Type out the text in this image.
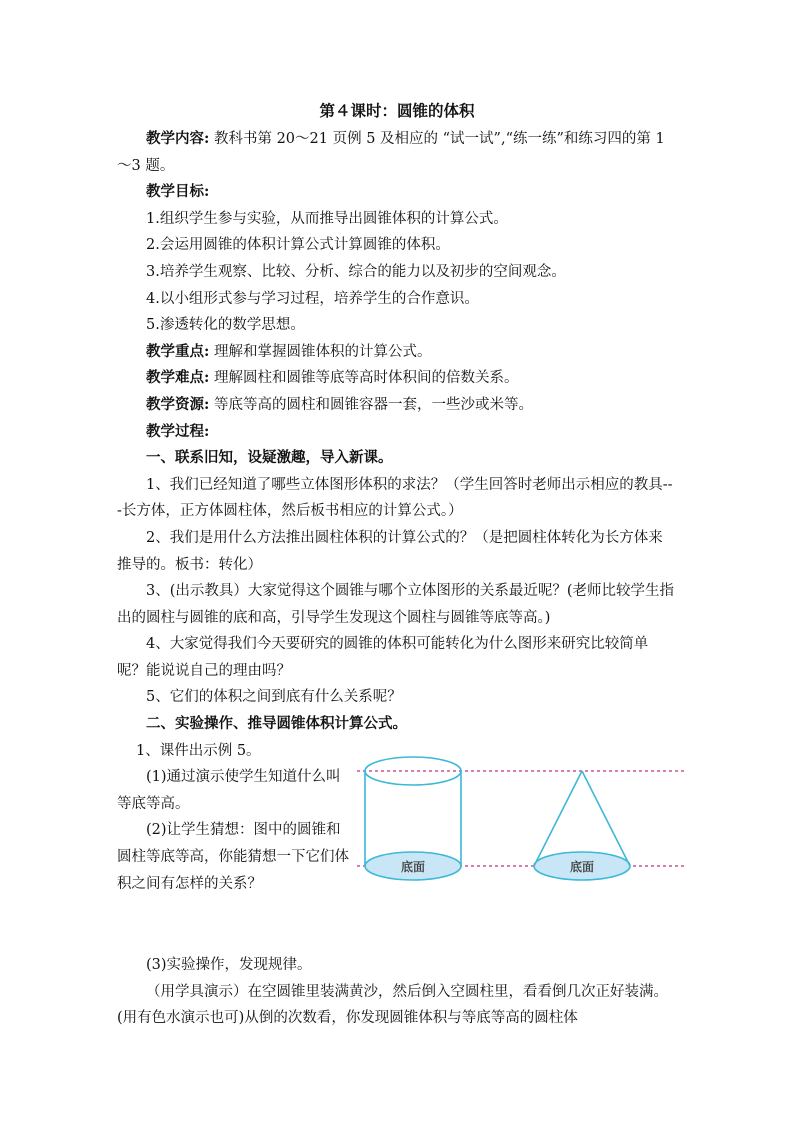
第４课时：圆锥的体积

教学内容: 教科书第 20～21 页例 5 及相应的 “试一试”,“练一练”和练习四的第 1～3 题。

教学目标:

1.组织学生参与实验，从而推导出圆锥体积的计算公式。

2.会运用圆锥的体积计算公式计算圆锥的体积。

3.培养学生观察、比较、分析、综合的能力以及初步的空间观念。

4.以小组形式参与学习过程，培养学生的合作意识。

5.渗透转化的数学思想。

教学重点: 理解和掌握圆锥体积的计算公式。

教学难点: 理解圆柱和圆锥等底等高时体积间的倍数关系。

教学资源: 等底等高的圆柱和圆锥容器一套，一些沙或米等。

教学过程:

一、联系旧知，设疑激趣，导入新课。

1、我们已经知道了哪些立体图形体积的求法？（学生回答时老师出示相应的教具---长方体，正方体圆柱体，然后板书相应的计算公式。）

2、我们是用什么方法推出圆柱体积的计算公式的？（是把圆柱体转化为长方体来推导的。板书：转化）

3、(出示教具）大家觉得这个圆锥与哪个立体图形的关系最近呢？(老师比较学生指出的圆柱与圆锥的底和高，引导学生发现这个圆柱与圆锥等底等高。)

4、大家觉得我们今天要研究的圆锥的体积可能转化为什么图形来研究比较简单呢？能说说自己的理由吗？

5、它们的体积之间到底有什么关系呢？

二、实验操作、推导圆锥体积计算公式。

1、课件出示例 5。

(1)通过演示使学生知道什么叫等底等高。

(2)让学生猜想：图中的圆锥和圆柱等底等高，你能猜想一下它们体积之间有怎样的关系？

底面	底面

(3)实验操作，发现规律。

（用学具演示）在空圆锥里装满黄沙，然后倒入空圆柱里，看看倒几次正好装满。(用有色水演示也可)从倒的次数看，你发现圆锥体积与等底等高的圆柱体
